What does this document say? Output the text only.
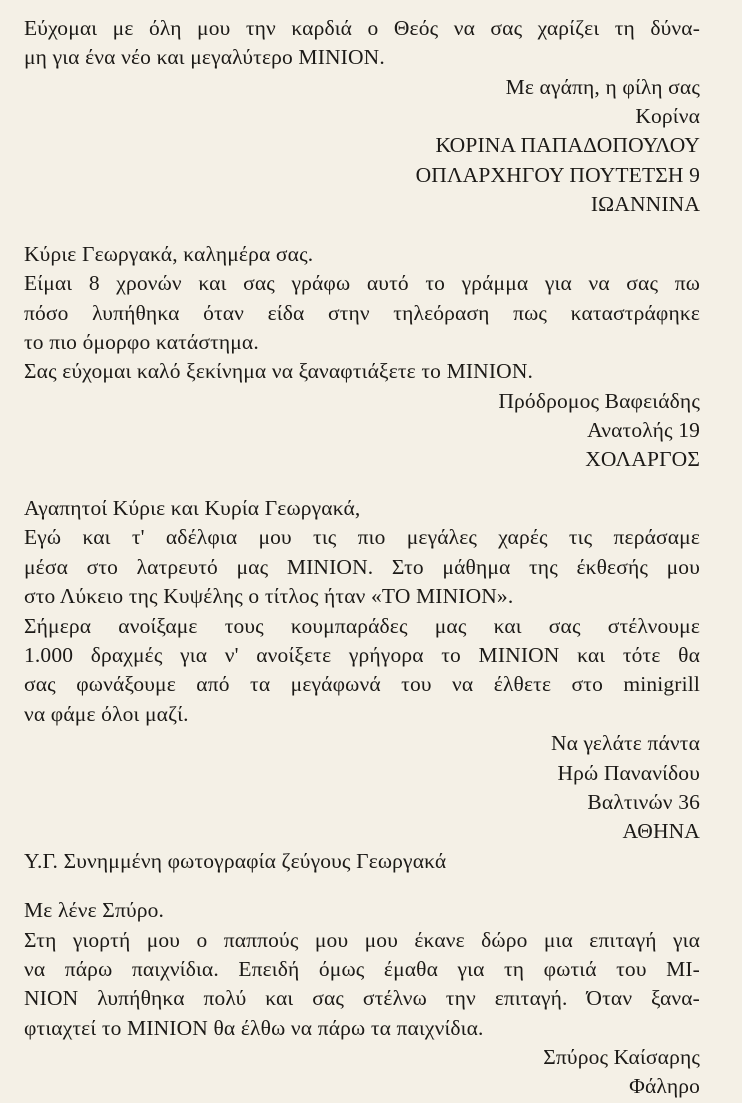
Εύχομαι με όλη μου την καρδιά ο Θεός να σας χαρίζει τη δύνα-
μη για ένα νέο και μεγαλύτερο ΜΙΝΙΟΝ.
Με αγάπη, η φίλη σας
Κορίνα
ΚΟΡΙΝΑ ΠΑΠΑΔΟΠΟΥΛΟΥ
ΟΠΛΑΡΧΗΓΟΥ ΠΟΥΤΕΤΣΗ 9
ΙΩΑΝΝΙΝΑ
Κύριε Γεωργακά, καλημέρα σας.
Είμαι 8 χρονών και σας γράφω αυτό το γράμμα για να σας πω
πόσο λυπήθηκα όταν είδα στην τηλεόραση πως καταστράφηκε
το πιο όμορφο κατάστημα.
Σας εύχομαι καλό ξεκίνημα να ξαναφτιάξετε το ΜΙΝΙΟΝ.
Πρόδρομος Βαφειάδης
Ανατολής 19
ΧΟΛΑΡΓΟΣ
Αγαπητοί Κύριε και Κυρία Γεωργακά,
Εγώ και τ' αδέλφια μου τις πιο μεγάλες χαρές τις περάσαμε
μέσα στο λατρευτό μας ΜΙΝΙΟΝ. Στο μάθημα της έκθεσής μου
στο Λύκειο της Κυψέλης ο τίτλος ήταν «ΤΟ ΜΙΝΙΟΝ».
Σήμερα ανοίξαμε τους κουμπαράδες μας και σας στέλνουμε
1.000 δραχμές για ν' ανοίξετε γρήγορα το ΜΙΝΙΟΝ και τότε θα
σας φωνάξουμε από τα μεγάφωνά του να έλθετε στο minigrill
να φάμε όλοι μαζί.
Να γελάτε πάντα
Ηρώ Πανανίδου
Βαλτινών 36
ΑΘΗΝΑ
Υ.Γ. Συνημμένη φωτογραφία ζεύγους Γεωργακά
Με λένε Σπύρο.
Στη γιορτή μου ο παππούς μου μου έκανε δώρο μια επιταγή για
να πάρω παιχνίδια. Επειδή όμως έμαθα για τη φωτιά του ΜΙ-
ΝΙΟΝ λυπήθηκα πολύ και σας στέλνω την επιταγή. Όταν ξανα-
φτιαχτεί το ΜΙΝΙΟΝ θα έλθω να πάρω τα παιχνίδια.
Σπύρος Καίσαρης
Φάληρο
